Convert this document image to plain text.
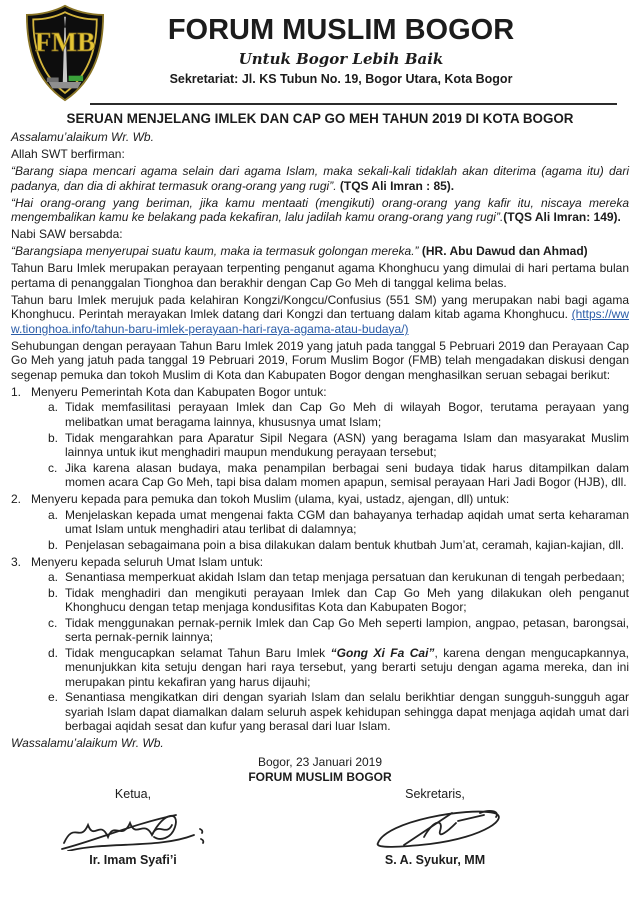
FMB	FORUM MUSLIM BOGOR
Untuk Bogor Lebih Baik
Sekretariat: Jl. KS Tubun No. 19, Bogor Utara, Kota Bogor
SERUAN MENJELANG IMLEK DAN CAP GO MEH TAHUN 2019 DI KOTA BOGOR

Assalamu’alaikum Wr. Wb.

Allah SWT berfirman:

“Barang siapa mencari agama selain dari agama Islam, maka sekali-kali tidaklah akan diterima (agama itu) dari padanya, dan dia di akhirat termasuk orang-orang yang rugi”. (TQS Ali Imran : 85).

“Hai orang-orang yang beriman, jika kamu mentaati (mengikuti) orang-orang yang kafir itu, niscaya mereka mengembalikan kamu ke belakang pada kekafiran, lalu jadilah kamu orang-orang yang rugi”.(TQS Ali Imran: 149).

Nabi SAW bersabda:

“Barangsiapa menyerupai suatu kaum, maka ia termasuk golongan mereka.” (HR. Abu Dawud dan Ahmad)

Tahun Baru Imlek merupakan perayaan terpenting penganut agama Khonghucu yang dimulai di hari pertama bulan pertama di penanggalan Tionghoa dan berakhir dengan Cap Go Meh di tanggal kelima belas.

Tahun baru Imlek merujuk pada kelahiran Kongzi/Kongcu/Confusius (551 SM) yang merupakan nabi bagi agama Khonghucu. Perintah merayakan Imlek datang dari Kongzi dan tertuang dalam kitab agama Khonghucu. (https://www.tionghoa.info/tahun-baru-imlek-perayaan-hari-raya-agama-atau-budaya/)

Sehubungan dengan perayaan Tahun Baru Imlek 2019 yang jatuh pada tanggal 5 Pebruari 2019 dan Perayaan Cap Go Meh yang jatuh pada tanggal 19 Pebruari 2019, Forum Muslim Bogor (FMB) telah mengadakan diskusi dengan segenap pemuka dan tokoh Muslim di Kota dan Kabupaten Bogor dengan menghasilkan seruan sebagai berikut:

1. Menyeru Pemerintah Kota dan Kabupaten Bogor untuk:
a. Tidak memfasilitasi perayaan Imlek dan Cap Go Meh di wilayah Bogor, terutama perayaan yang melibatkan umat beragama lainnya, khususnya umat Islam;
b. Tidak mengarahkan para Aparatur Sipil Negara (ASN) yang beragama Islam dan masyarakat Muslim lainnya untuk ikut menghadiri maupun mendukung perayaan tersebut;
c. Jika karena alasan budaya, maka penampilan berbagai seni budaya tidak harus ditampilkan dalam momen acara Cap Go Meh, tapi bisa dalam momen apapun, semisal perayaan Hari Jadi Bogor (HJB), dll.
2. Menyeru kepada para pemuka dan tokoh Muslim (ulama, kyai, ustadz, ajengan, dll) untuk:
a. Menjelaskan kepada umat mengenai fakta CGM dan bahayanya terhadap aqidah umat serta keharaman umat Islam untuk menghadiri atau terlibat di dalamnya;
b. Penjelasan sebagaimana poin a bisa dilakukan dalam bentuk khutbah Jum’at, ceramah, kajian-kajian, dll.
3. Menyeru kepada seluruh Umat Islam untuk:
a. Senantiasa memperkuat akidah Islam dan tetap menjaga persatuan dan kerukunan di tengah perbedaan;
b. Tidak menghadiri dan mengikuti perayaan Imlek dan Cap Go Meh yang dilakukan oleh penganut Khonghucu dengan tetap menjaga kondusifitas Kota dan Kabupaten Bogor;
c. Tidak menggunakan pernak-pernik Imlek dan Cap Go Meh seperti lampion, angpao, petasan, barongsai, serta pernak-pernik lainnya;
d. Tidak mengucapkan selamat Tahun Baru Imlek “Gong Xi Fa Cai”, karena dengan mengucapkannya, menunjukkan kita setuju dengan hari raya tersebut, yang berarti setuju dengan agama mereka, dan ini merupakan pintu kekafiran yang harus dijauhi;
e. Senantiasa mengikatkan diri dengan syariah Islam dan selalu berikhtiar dengan sungguh-sungguh agar syariah Islam dapat diamalkan dalam seluruh aspek kehidupan sehingga dapat menjaga aqidah umat dari berbagai aqidah sesat dan kufur yang berasal dari luar Islam.

Wassalamu’alaikum Wr. Wb.

Bogor, 23 Januari 2019
FORUM MUSLIM BOGOR
Ketua,
Ir. Imam Syafi’i
Sekretaris,
S. A. Syukur, MM
